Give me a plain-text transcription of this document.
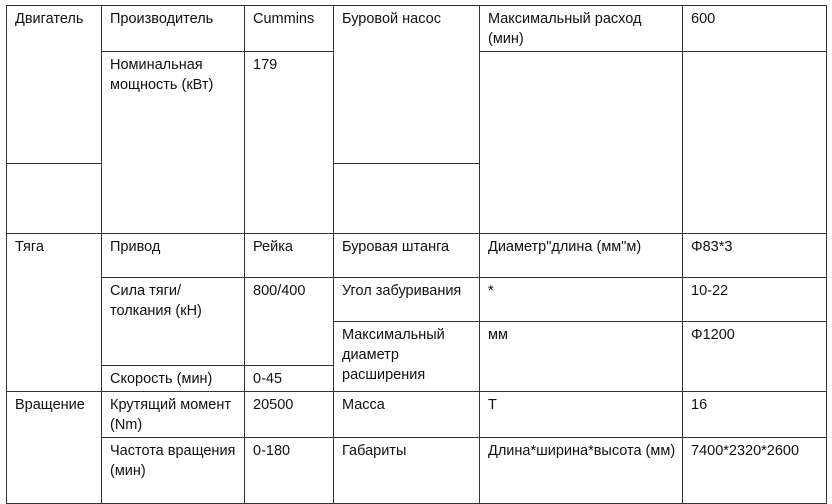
Двигатель	Производитель	Cummins	Буровой насос	Максимальный расход (мин)	600

	Номинальная мощность (кВт)	179			

Тяга	Привод	Рейка	Буровая штанга	Диаметр"длина (мм"м)	Φ83*3

	Сила тяги/толкания (кН)	800/400	Угол забуривания	*	10-22

			Максимальный диаметр расширения	мм	Φ1200

	Скорость (мин)	0-45			

Вращение	Крутящий момент (Nm)	20500	Масса	Т	16

	Частота вращения (мин)	0-180	Габариты	Длина*ширина*высота (мм)	7400*2320*2600
